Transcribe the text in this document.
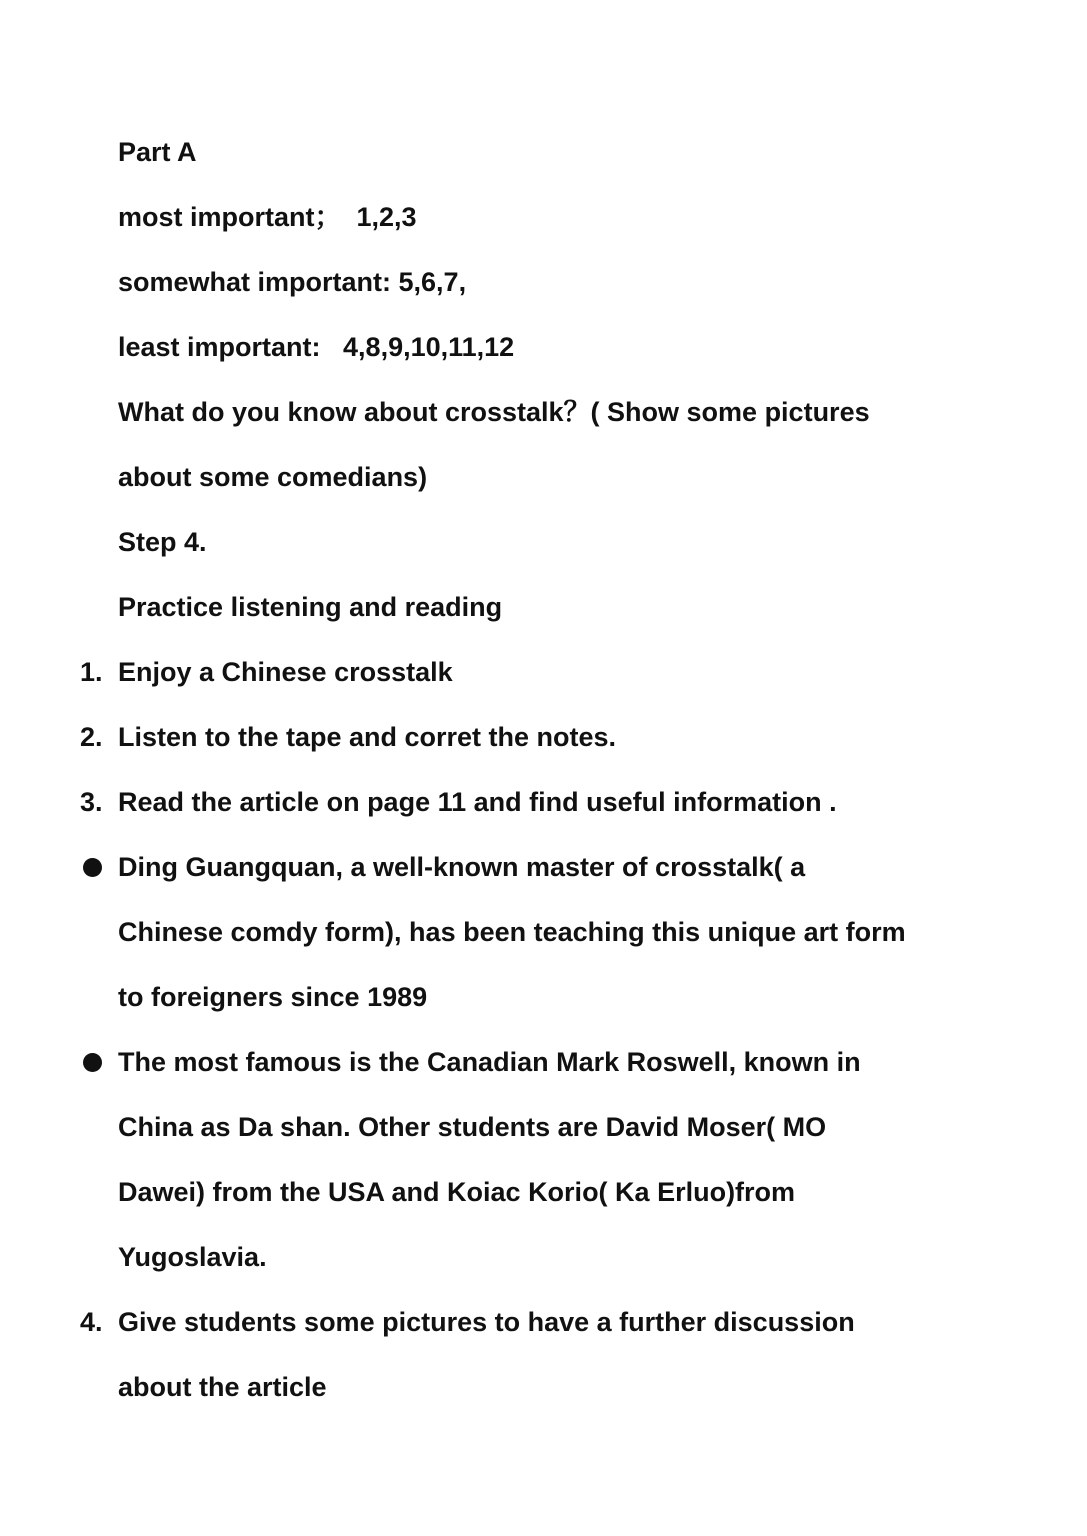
Part A
most important；  1,2,3
somewhat important: 5,6,7,
least important:   4,8,9,10,11,12
What do you know about crosstalk？( Show some pictures
about some comedians)
Step 4.
Practice listening and reading
1. Enjoy a Chinese crosstalk
2. Listen to the tape and corret the notes.
3. Read the article on page 11 and find useful information .
Ding Guangquan, a well-known master of crosstalk( a
Chinese comdy form), has been teaching this unique art form
to foreigners since 1989
The most famous is the Canadian Mark Roswell, known in
China as Da shan. Other students are David Moser( MO
Dawei) from the USA and Koiac Korio( Ka Erluo)from
Yugoslavia.
4. Give students some pictures to have a further discussion
about the article
